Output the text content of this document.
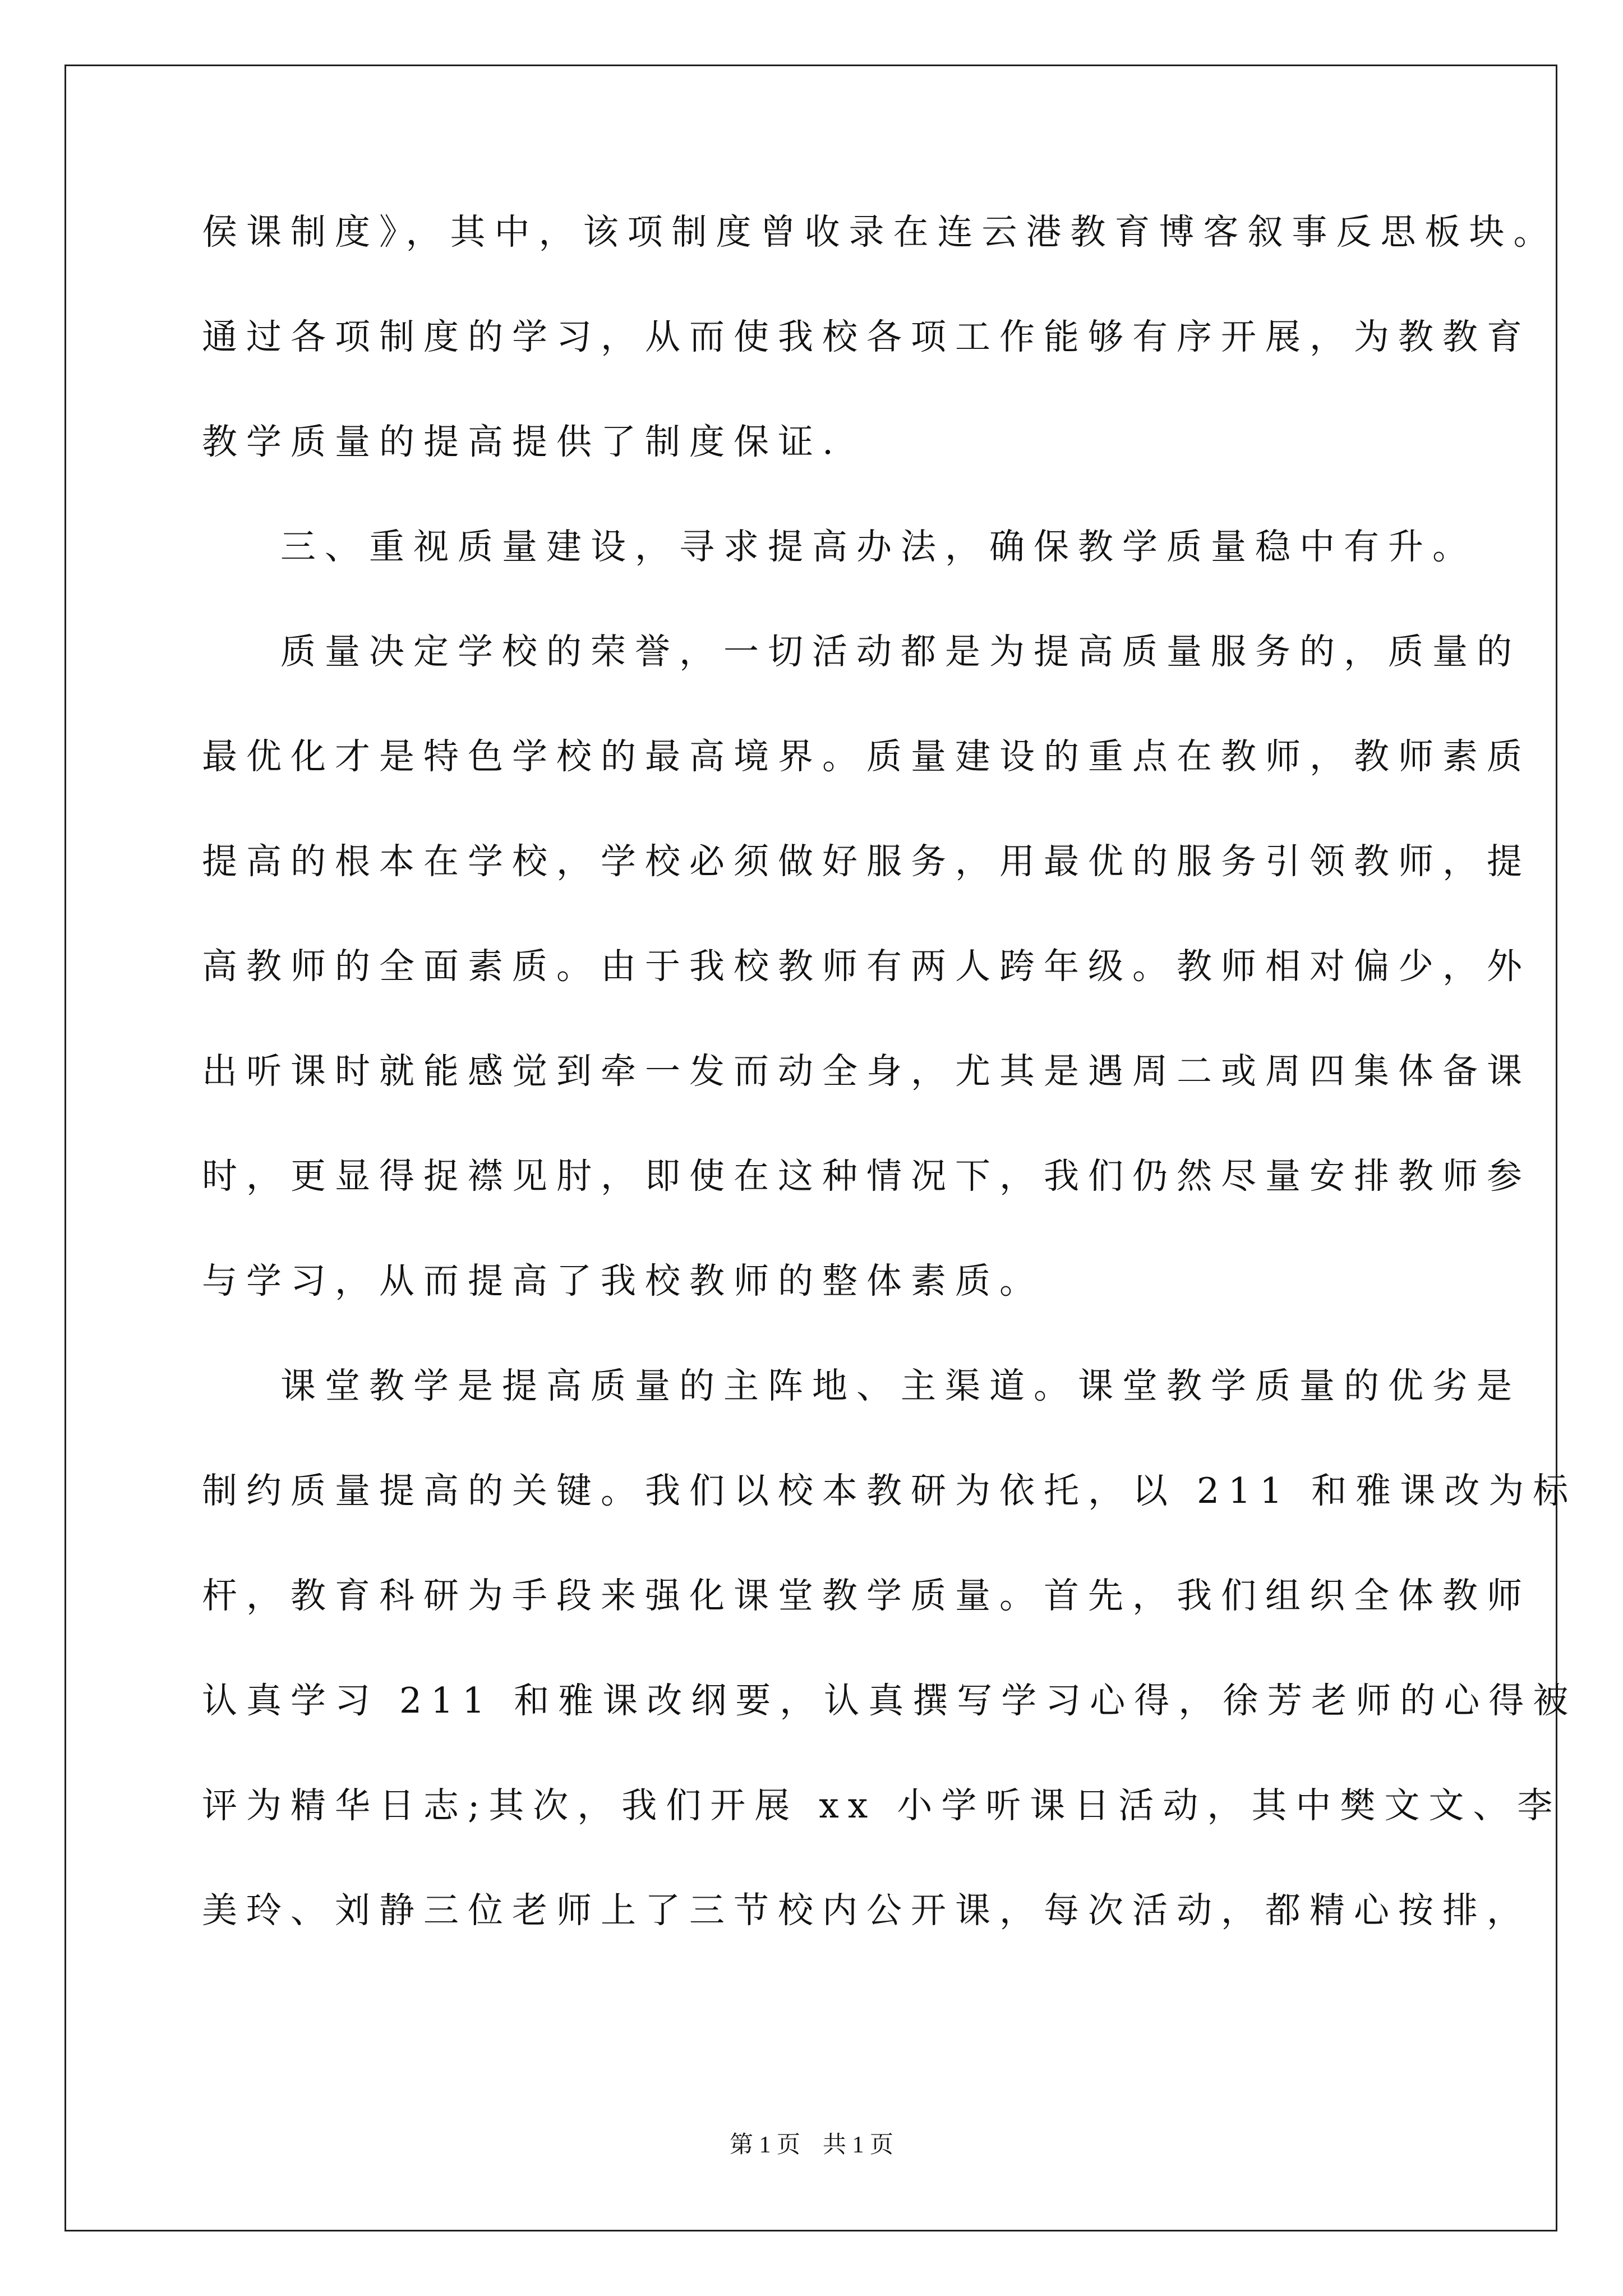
侯课制度》，其中，该项制度曾收录在连云港教育博客叙事反思板块。
通过各项制度的学习，从而使我校各项工作能够有序开展，为教教育
教学质量的提高提供了制度保证.
三、重视质量建设，寻求提高办法，确保教学质量稳中有升。
质量决定学校的荣誉，一切活动都是为提高质量服务的，质量的
最优化才是特色学校的最高境界。质量建设的重点在教师，教师素质
提高的根本在学校，学校必须做好服务，用最优的服务引领教师，提
高教师的全面素质。由于我校教师有两人跨年级。教师相对偏少，外
出听课时就能感觉到牵一发而动全身，尤其是遇周二或周四集体备课
时，更显得捉襟见肘，即使在这种情况下，我们仍然尽量安排教师参
与学习，从而提高了我校教师的整体素质。
课堂教学是提高质量的主阵地、主渠道。课堂教学质量的优劣是
制约质量提高的关键。我们以校本教研为依托，以 211 和雅课改为标
杆，教育科研为手段来强化课堂教学质量。首先，我们组织全体教师
认真学习 211 和雅课改纲要，认真撰写学习心得，徐芳老师的心得被
评为精华日志;其次，我们开展 xx 小学听课日活动，其中樊文文、李
美玲、刘静三位老师上了三节校内公开课，每次活动，都精心按排，
第 1 页 共 1 页
